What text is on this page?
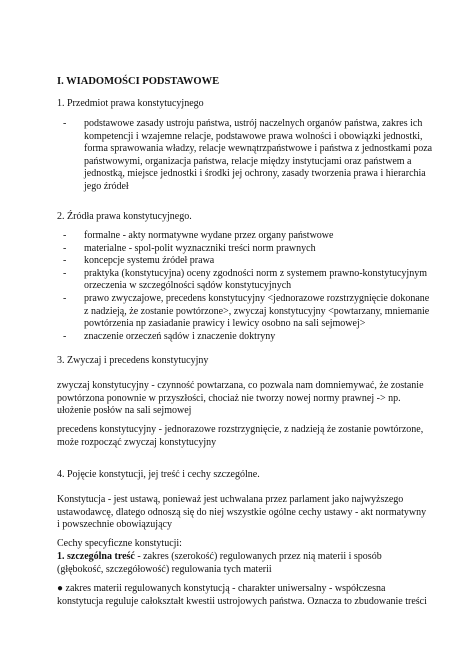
I. WIADOMOŚCI PODSTAWOWE
1. Przedmiot prawa konstytucyjnego
- podstawowe zasady ustroju państwa, ustrój naczelnych organów państwa, zakres ich kompetencji i wzajemne relacje, podstawowe prawa wolności i obowiązki jednostki, forma sprawowania władzy, relacje wewnątrzpaństwowe i państwa z jednostkami poza państwowymi, organizacja państwa, relacje między instytucjami oraz państwem a jednostką, miejsce jednostki i środki jej ochrony, zasady tworzenia prawa i hierarchia jego źródeł
2. Źródła prawa konstytucyjnego.
- formalne - akty normatywne wydane przez organy państwowe
- materialne - spol-polit wyznaczniki treści norm prawnych
- koncepcje systemu źródeł prawa
- praktyka (konstytucyjna) oceny zgodności norm z systemem prawno-konstytucyjnym orzeczenia w szczególności sądów konstytucyjnych
- prawo zwyczajowe, precedens konstytucyjny <jednorazowe rozstrzygnięcie dokonane z nadzieją, że zostanie powtórzone>, zwyczaj konstytucyjny <powtarzany, mniemanie powtórzenia np zasiadanie prawicy i lewicy osobno na sali sejmowej>
- znaczenie orzeczeń sądów i znaczenie doktryny
3. Zwyczaj i precedens konstytucyjny

zwyczaj konstytucyjny - czynność powtarzana, co pozwala nam domniemywać, że zostanie powtórzona ponownie w przyszłości, chociaż nie tworzy nowej normy prawnej -> np. ułożenie posłów na sali sejmowej

precedens konstytucyjny - jednorazowe rozstrzygnięcie, z nadzieją że zostanie powtórzone, może rozpocząć zwyczaj konstytucyjny

4. Pojęcie konstytucji, jej treść i cechy szczególne.

Konstytucja - jest ustawą, ponieważ jest uchwalana przez parlament jako najwyższego ustawodawcę, dlatego odnoszą się do niej wszystkie ogólne cechy ustawy - akt normatywny i powszechnie obowiązujący

Cechy specyficzne konstytucji:

1. szczególna treść - zakres (szerokość) regulowanych przez nią materii i sposób (głębokość, szczegółowość) regulowania tych materii

● zakres materii regulowanych konstytucją - charakter uniwersalny - współczesna konstytucja reguluje całokształt kwestii ustrojowych państwa. Oznacza to zbudowanie treści
